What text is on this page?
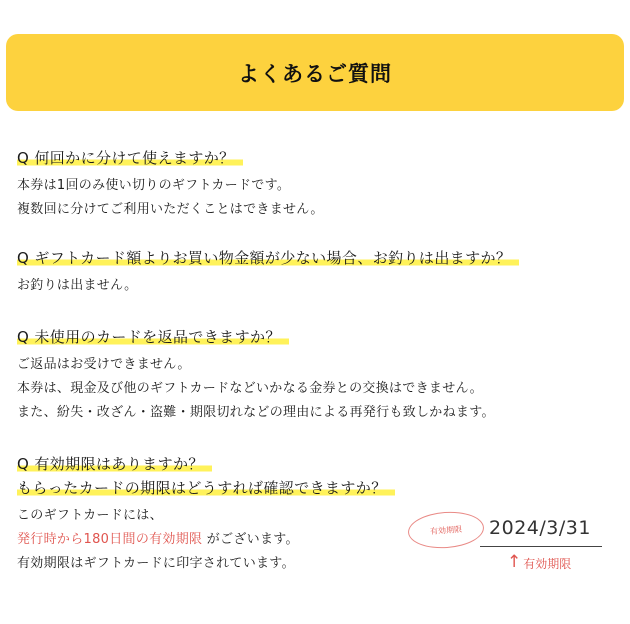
よくあるご質問
Q 何回かに分けて使えますか？
本券は1回のみ使い切りのギフトカードです。
複数回に分けてご利用いただくことはできません。
Q ギフトカード額よりお買い物金額が少ない場合、お釣りは出ますか？
お釣りは出ません。
Q 未使用のカードを返品できますか？
ご返品はお受けできません。
本券は、現金及び他のギフトカードなどいかなる金券との交換はできません。
また、紛失・改ざん・盗難・期限切れなどの理由による再発行も致しかねます。
Q 有効期限はありますか？
もらったカードの期限はどうすれば確認できますか？
このギフトカードには、
発行時から180日間の有効期限 がございます。
有効期限はギフトカードに印字されています。
有効期限	2024/3/31
↑ 有効期限
